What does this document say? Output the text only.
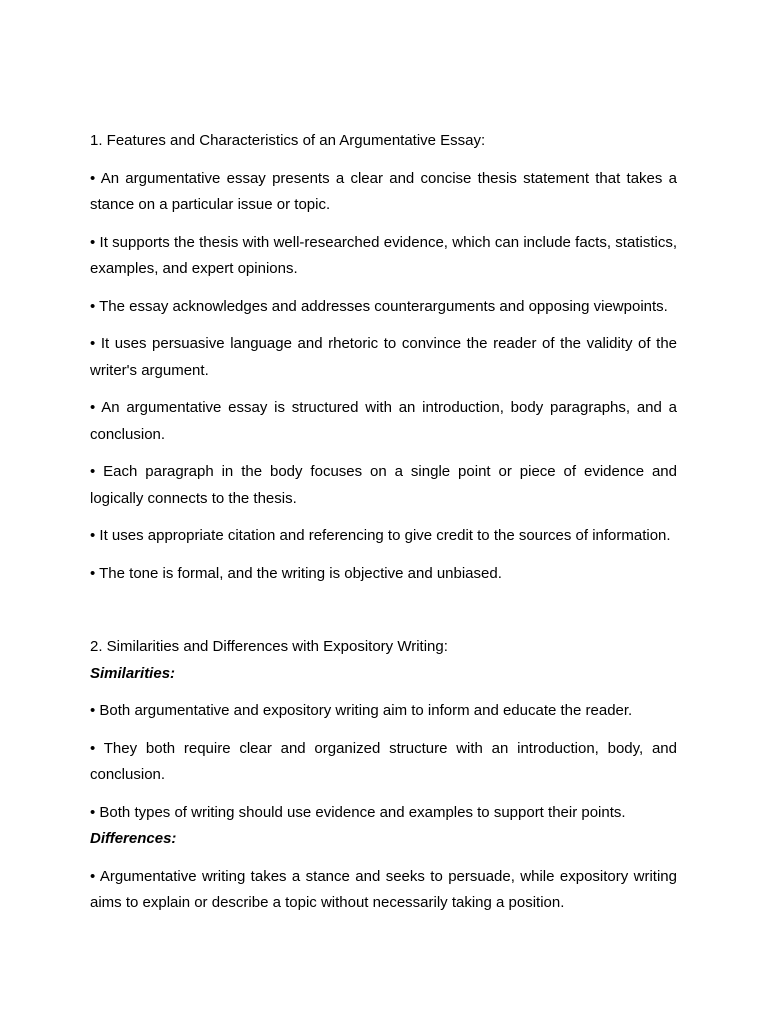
1. Features and Characteristics of an Argumentative Essay:

• An argumentative essay presents a clear and concise thesis statement that takes a stance on a particular issue or topic.

• It supports the thesis with well-researched evidence, which can include facts, statistics, examples, and expert opinions.

• The essay acknowledges and addresses counterarguments and opposing viewpoints.

• It uses persuasive language and rhetoric to convince the reader of the validity of the writer's argument.

• An argumentative essay is structured with an introduction, body paragraphs, and a conclusion.

• Each paragraph in the body focuses on a single point or piece of evidence and logically connects to the thesis.

• It uses appropriate citation and referencing to give credit to the sources of information.

• The tone is formal, and the writing is objective and unbiased.

2. Similarities and Differences with Expository Writing:

Similarities:

• Both argumentative and expository writing aim to inform and educate the reader.

• They both require clear and organized structure with an introduction, body, and conclusion.

• Both types of writing should use evidence and examples to support their points.

Differences:

• Argumentative writing takes a stance and seeks to persuade, while expository writing aims to explain or describe a topic without necessarily taking a position.
